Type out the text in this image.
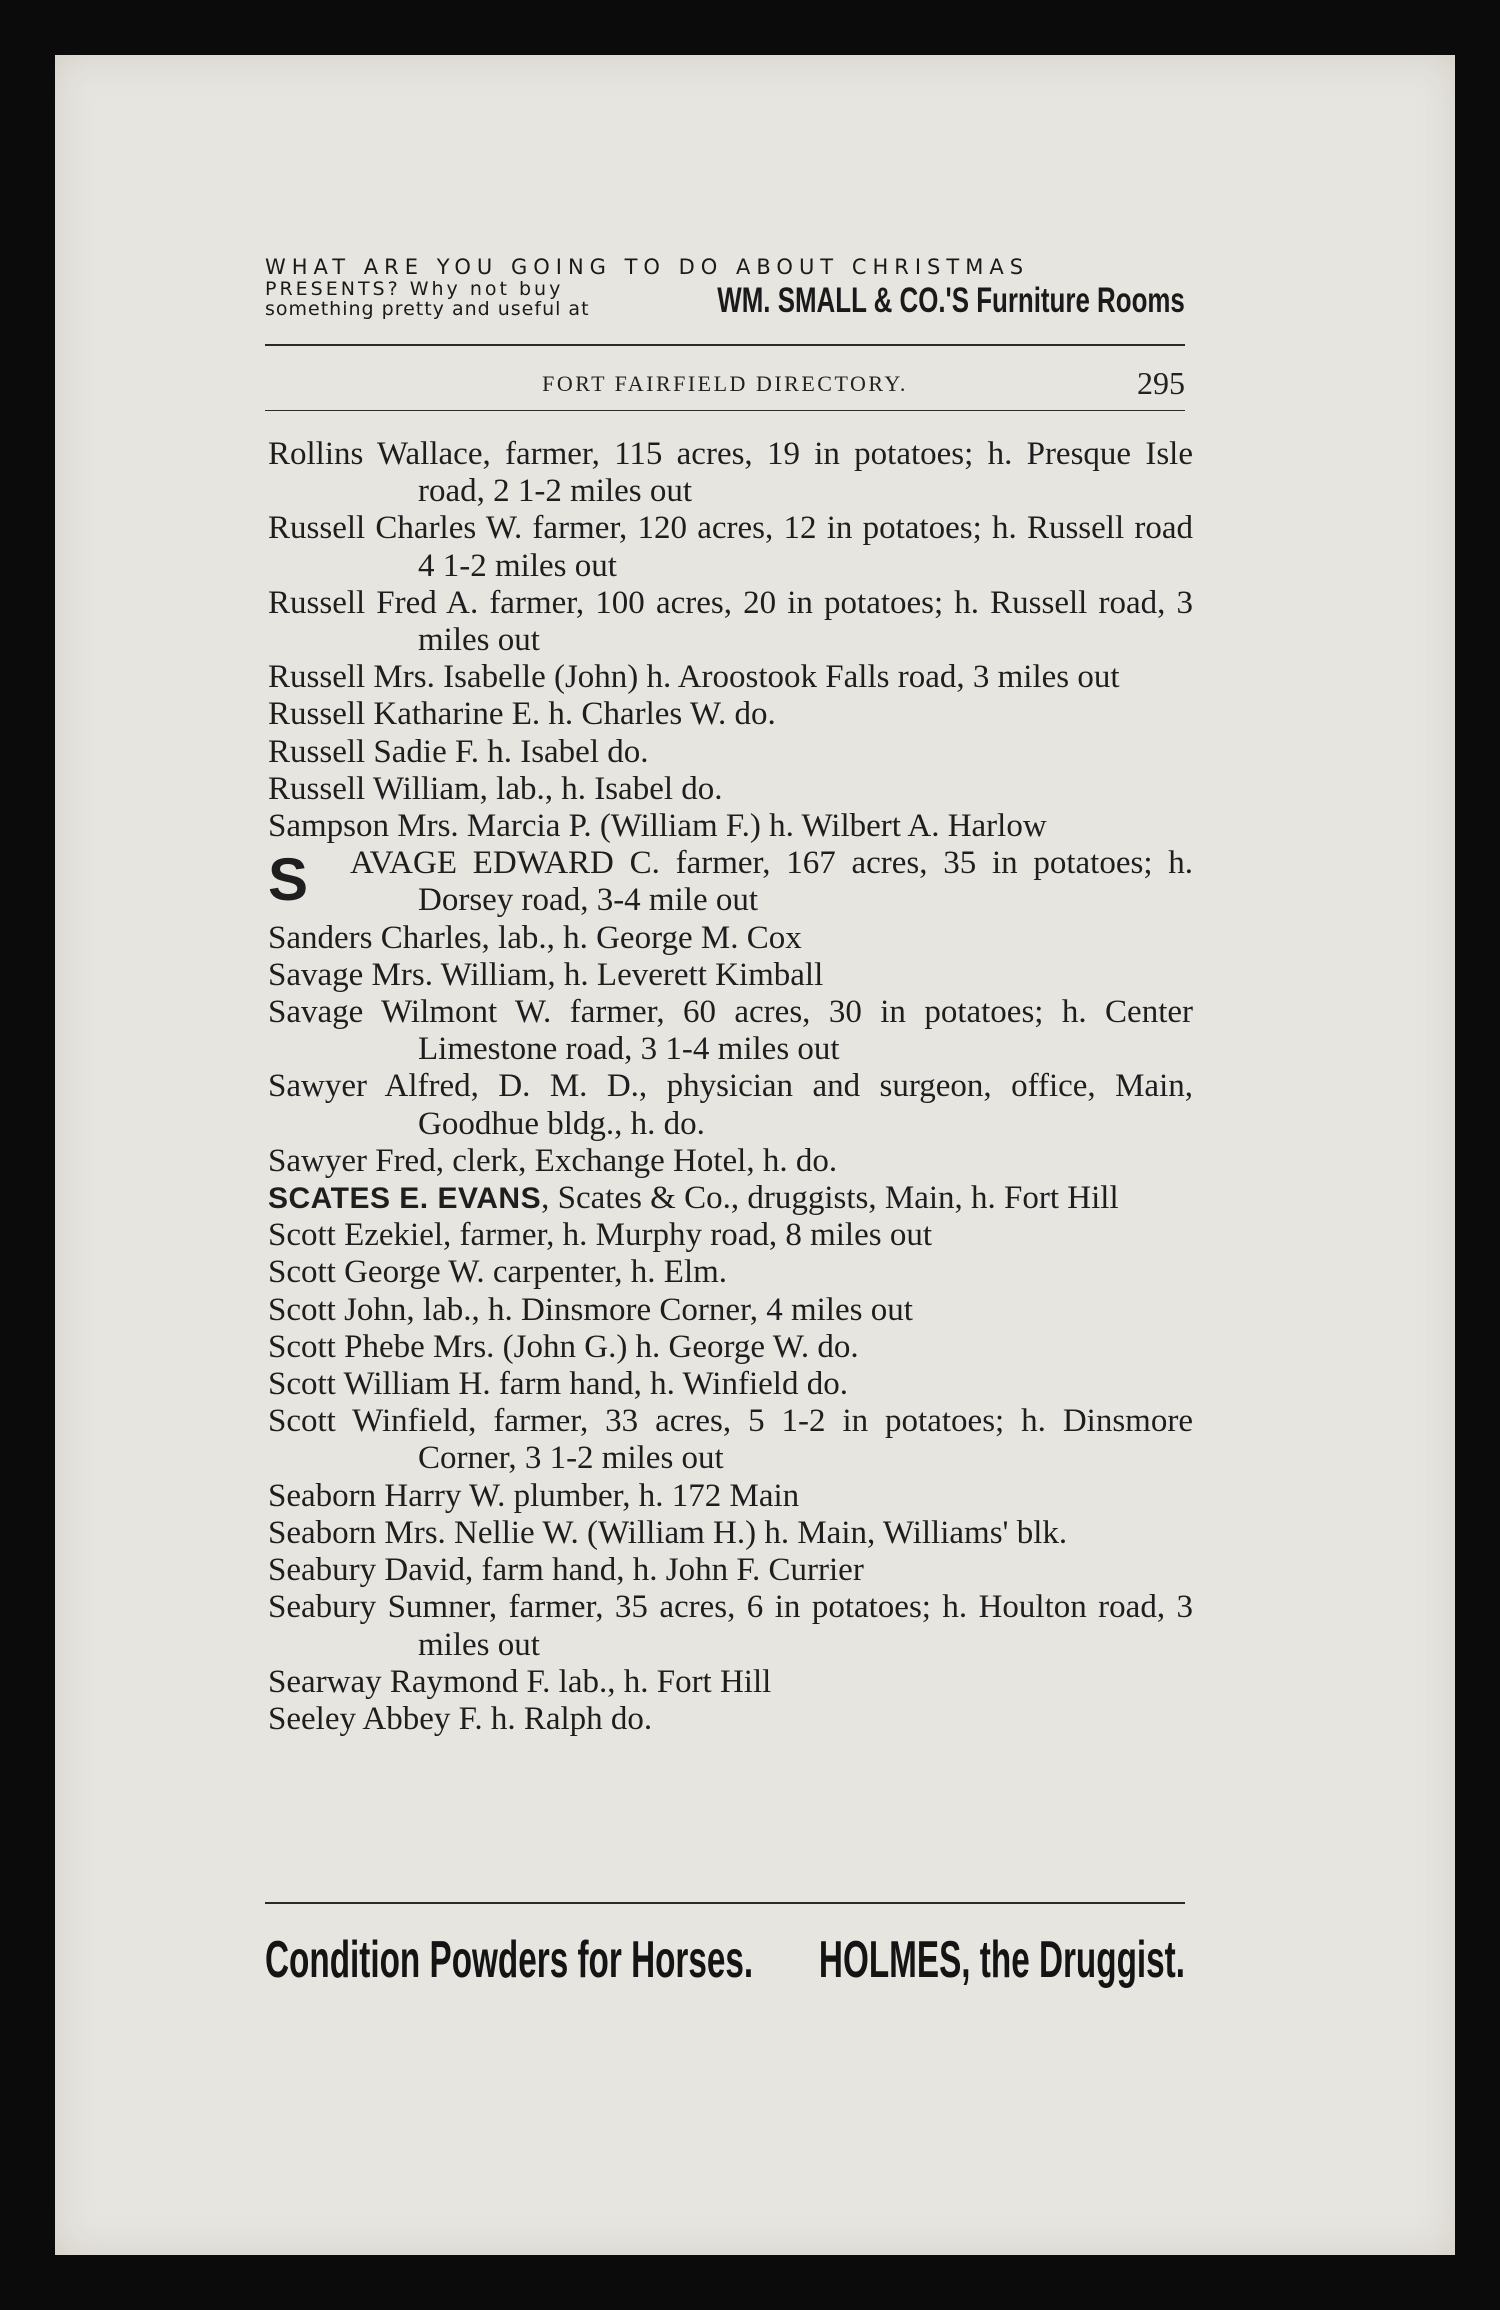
WHAT ARE YOU GOING TO DO ABOUT CHRISTMAS
PRESENTS? Why not buy
something pretty and useful at	WM. SMALL & CO.'S Furniture Rooms
FORT FAIRFIELD DIRECTORY.	295

Rollins Wallace, farmer, 115 acres, 19 in potatoes; h. Presque Isle road, 2 1-2 miles out

Russell Charles W. farmer, 120 acres, 12 in potatoes; h. Russell road 4 1-2 miles out

Russell Fred A. farmer, 100 acres, 20 in potatoes; h. Russell road, 3 miles out

Russell Mrs. Isabelle (John) h. Aroostook Falls road, 3 miles out

Russell Katharine E. h. Charles W. do.

Russell Sadie F. h. Isabel do.

Russell William, lab., h. Isabel do.

Sampson Mrs. Marcia P. (William F.) h. Wilbert A. Harlow

S	AVAGE EDWARD C. farmer, 167 acres, 35 in potatoes; h. Dorsey road, 3-4 mile out

Sanders Charles, lab., h. George M. Cox

Savage Mrs. William, h. Leverett Kimball

Savage Wilmont W. farmer, 60 acres, 30 in potatoes; h. Center Limestone road, 3 1-4 miles out

Sawyer Alfred, D. M. D., physician and surgeon, office, Main, Goodhue bldg., h. do.

Sawyer Fred, clerk, Exchange Hotel, h. do.

SCATES E. EVANS, Scates & Co., druggists, Main, h. Fort Hill

Scott Ezekiel, farmer, h. Murphy road, 8 miles out

Scott George W. carpenter, h. Elm.

Scott John, lab., h. Dinsmore Corner, 4 miles out

Scott Phebe Mrs. (John G.) h. George W. do.

Scott William H. farm hand, h. Winfield do.

Scott Winfield, farmer, 33 acres, 5 1-2 in potatoes; h. Dinsmore Corner, 3 1-2 miles out

Seaborn Harry W. plumber, h. 172 Main

Seaborn Mrs. Nellie W. (William H.) h. Main, Williams' blk.

Seabury David, farm hand, h. John F. Currier

Seabury Sumner, farmer, 35 acres, 6 in potatoes; h. Houlton road, 3 miles out

Searway Raymond F. lab., h. Fort Hill

Seeley Abbey F. h. Ralph do.

Condition Powders for Horses. HOLMES, the Druggist.
